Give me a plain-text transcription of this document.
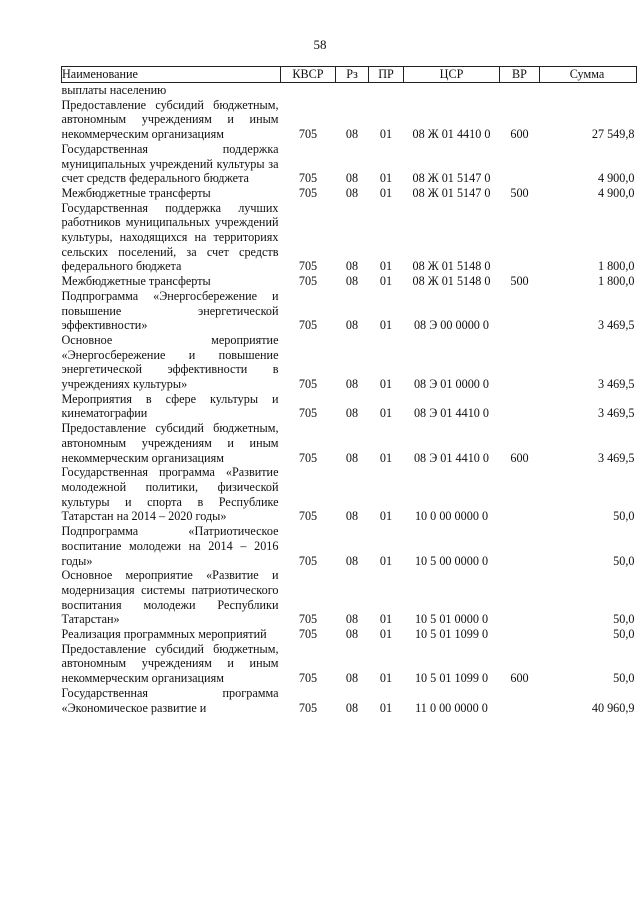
58
Наименование	КВСР	Рз	ПР	ЦСР	ВР	Сумма
выплаты населению						
Предоставление субсидий бюджетным, автономным учреждениям и иным некоммерческим организациям	705	08	01	08 Ж 01 4410 0	600	27 549,8
Государственная поддержка муниципальных учреждений культуры за счет средств федерального бюджета	705	08	01	08 Ж 01 5147 0		4 900,0
Межбюджетные трансферты	705	08	01	08 Ж 01 5147 0	500	4 900,0
Государственная поддержка лучших работников муниципальных учреждений культуры, находящихся на территориях сельских поселений, за счет средств федерального бюджета	705	08	01	08 Ж 01 5148 0		1 800,0
Межбюджетные трансферты	705	08	01	08 Ж 01 5148 0	500	1 800,0
Подпрограмма «Энергосбережение и повышение энергетической эффективности»	705	08	01	08 Э 00 0000 0		3 469,5
Основное мероприятие «Энергосбережение и повышение энергетической эффективности в учреждениях культуры»	705	08	01	08 Э 01 0000 0		3 469,5
Мероприятия в сфере культуры и кинематографии	705	08	01	08 Э 01 4410 0		3 469,5
Предоставление субсидий бюджетным, автономным учреждениям и иным некоммерческим организациям	705	08	01	08 Э 01 4410 0	600	3 469,5
Государственная программа «Развитие молодежной политики, физической культуры и спорта в Республике Татарстан на 2014 – 2020 годы»	705	08	01	10 0 00 0000 0		50,0
Подпрограмма «Патриотическое воспитание молодежи на 2014 – 2016 годы»	705	08	01	10 5 00 0000 0		50,0
Основное мероприятие «Развитие и модернизация системы патриотического воспитания молодежи Республики Татарстан»	705	08	01	10 5 01 0000 0		50,0
Реализация программных мероприятий	705	08	01	10 5 01 1099 0		50,0
Предоставление субсидий бюджетным, автономным учреждениям и иным некоммерческим организациям	705	08	01	10 5 01 1099 0	600	50,0
Государственная программа «Экономическое развитие и	705	08	01	11 0 00 0000 0		40 960,9
